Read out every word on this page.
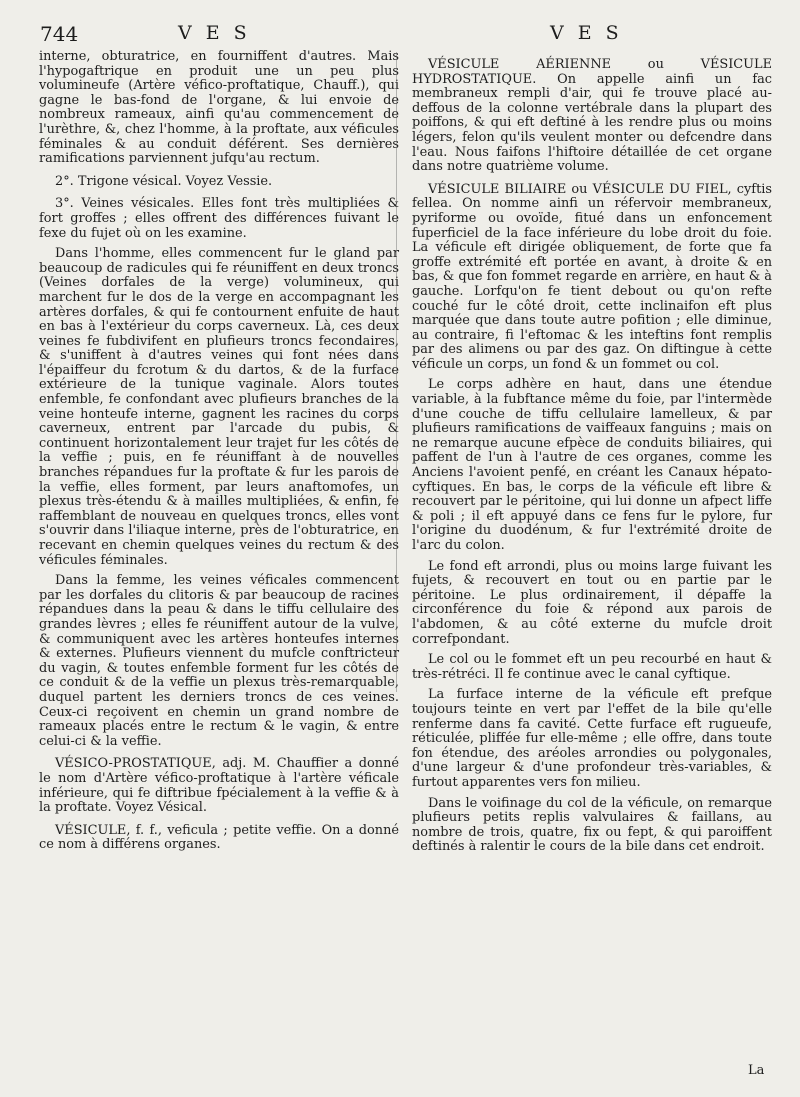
744	V E S	V E S

interne, obturatrice, en fourniffent d'autres. Mais l'hypogaftrique en produit une un peu plus volumineufe (Artère véfico-proftatique, Chauff.), qui gagne le bas-fond de l'organe, & lui envoie de nombreux rameaux, ainfi qu'au commencement de l'urèthre, &, chez l'homme, à la proftate, aux véficules féminales & au conduit déférent. Ses dernières ramifications parviennent jufqu'au rectum.

2°. Trigone vésical. Voyez Vessie.

3°. Veines vésicales. Elles font très multipliées & fort groffes ; elles offrent des différences fuivant le fexe du fujet où on les examine.

Dans l'homme, elles commencent fur le gland par beaucoup de radicules qui fe réuniffent en deux troncs (Veines dorfales de la verge) volumineux, qui marchent fur le dos de la verge en accompagnant les artères dorfales, & qui fe contournent enfuite de haut en bas à l'extérieur du corps caverneux. Là, ces deux veines fe fubdivifent en plufieurs troncs fecondaires, & s'uniffent à d'autres veines qui font nées dans l'épaiffeur du fcrotum & du dartos, & de la furface extérieure de la tunique vaginale. Alors toutes enfemble, fe confondant avec plufieurs branches de la veine honteufe interne, gagnent les racines du corps caverneux, entrent par l'arcade du pubis, & continuent horizontalement leur trajet fur les côtés de la veffie ; puis, en fe réuniffant à de nouvelles branches répandues fur la proftate & fur les parois de la veffie, elles forment, par leurs anaftomofes, un plexus très-étendu & à mailles multipliées, & enfin, fe raffemblant de nouveau en quelques troncs, elles vont s'ouvrir dans l'iliaque interne, près de l'obturatrice, en recevant en chemin quelques veines du rectum & des véficules féminales.

Dans la femme, les veines véficales commencent par les dorfales du clitoris & par beaucoup de racines répandues dans la peau & dans le tiffu cellulaire des grandes lèvres ; elles fe réuniffent autour de la vulve, & communiquent avec les artères honteufes internes & externes. Plufieurs viennent du mufcle conftricteur du vagin, & toutes enfemble forment fur les côtés de ce conduit & de la veffie un plexus très-remarquable, duquel partent les derniers troncs de ces veines. Ceux-ci reçoivent en chemin un grand nombre de rameaux placés entre le rectum & le vagin, & entre celui-ci & la veffie.

VÉSICO-PROSTATIQUE, adj. M. Chauffier a donné le nom d'Artère véfico-proftatique à l'artère véficale inférieure, qui fe diftribue fpécialement à la veffie & à la proftate. Voyez Vésical.

VÉSICULE, f. f., veficula ; petite veffie. On a donné ce nom à différens organes.

VÉSICULE AÉRIENNE ou VÉSICULE HYDROSTATIQUE. On appelle ainfi un fac membraneux rempli d'air, qui fe trouve placé au-deffous de la colonne vertébrale dans la plupart des poiffons, & qui eft deftiné à les rendre plus ou moins légers, felon qu'ils veulent monter ou defcendre dans l'eau. Nous faifons l'hiftoire détaillée de cet organe dans notre quatrième volume.

VÉSICULE BILIAIRE ou VÉSICULE DU FIEL, cyftis fellea. On nomme ainfi un réfervoir membraneux, pyriforme ou ovoïde, fitué dans un enfoncement fuperficiel de la face inférieure du lobe droit du foie. La véficule eft dirigée obliquement, de forte que fa groffe extrémité eft portée en avant, à droite & en bas, & que fon fommet regarde en arrière, en haut & à gauche. Lorfqu'on fe tient debout ou qu'on refte couché fur le côté droit, cette inclinaifon eft plus marquée que dans toute autre pofition ; elle diminue, au contraire, fi l'eftomac & les inteftins font remplis par des alimens ou par des gaz. On diftingue à cette véficule un corps, un fond & un fommet ou col.

Le corps adhère en haut, dans une étendue variable, à la fubftance même du foie, par l'intermède d'une couche de tiffu cellulaire lamelleux, & par plufieurs ramifications de vaiffeaux fanguins ; mais on ne remarque aucune efpèce de conduits biliaires, qui paffent de l'un à l'autre de ces organes, comme les Anciens l'avoient penfé, en créant les Canaux hépato-cyftiques. En bas, le corps de la véficule eft libre & recouvert par le péritoine, qui lui donne un afpect liffe & poli ; il eft appuyé dans ce fens fur le pylore, fur l'origine du duodénum, & fur l'extrémité droite de l'arc du colon.

Le fond eft arrondi, plus ou moins large fuivant les fujets, & recouvert en tout ou en partie par le péritoine. Le plus ordinairement, il dépaffe la circonférence du foie & répond aux parois de l'abdomen, & au côté externe du mufcle droit correfpondant.

Le col ou le fommet eft un peu recourbé en haut & très-rétréci. Il fe continue avec le canal cyftique.

La furface interne de la véficule eft prefque toujours teinte en vert par l'effet de la bile qu'elle renferme dans fa cavité. Cette furface eft rugueufe, réticulée, pliffée fur elle-même ; elle offre, dans toute fon étendue, des aréoles arrondies ou polygonales, d'une largeur & d'une profondeur très-variables, & furtout apparentes vers fon milieu.

Dans le voifinage du col de la véficule, on remarque plufieurs petits replis valvulaires & faillans, au nombre de trois, quatre, fix ou fept, & qui paroiffent deftinés à ralentir le cours de la bile dans cet endroit.

La
